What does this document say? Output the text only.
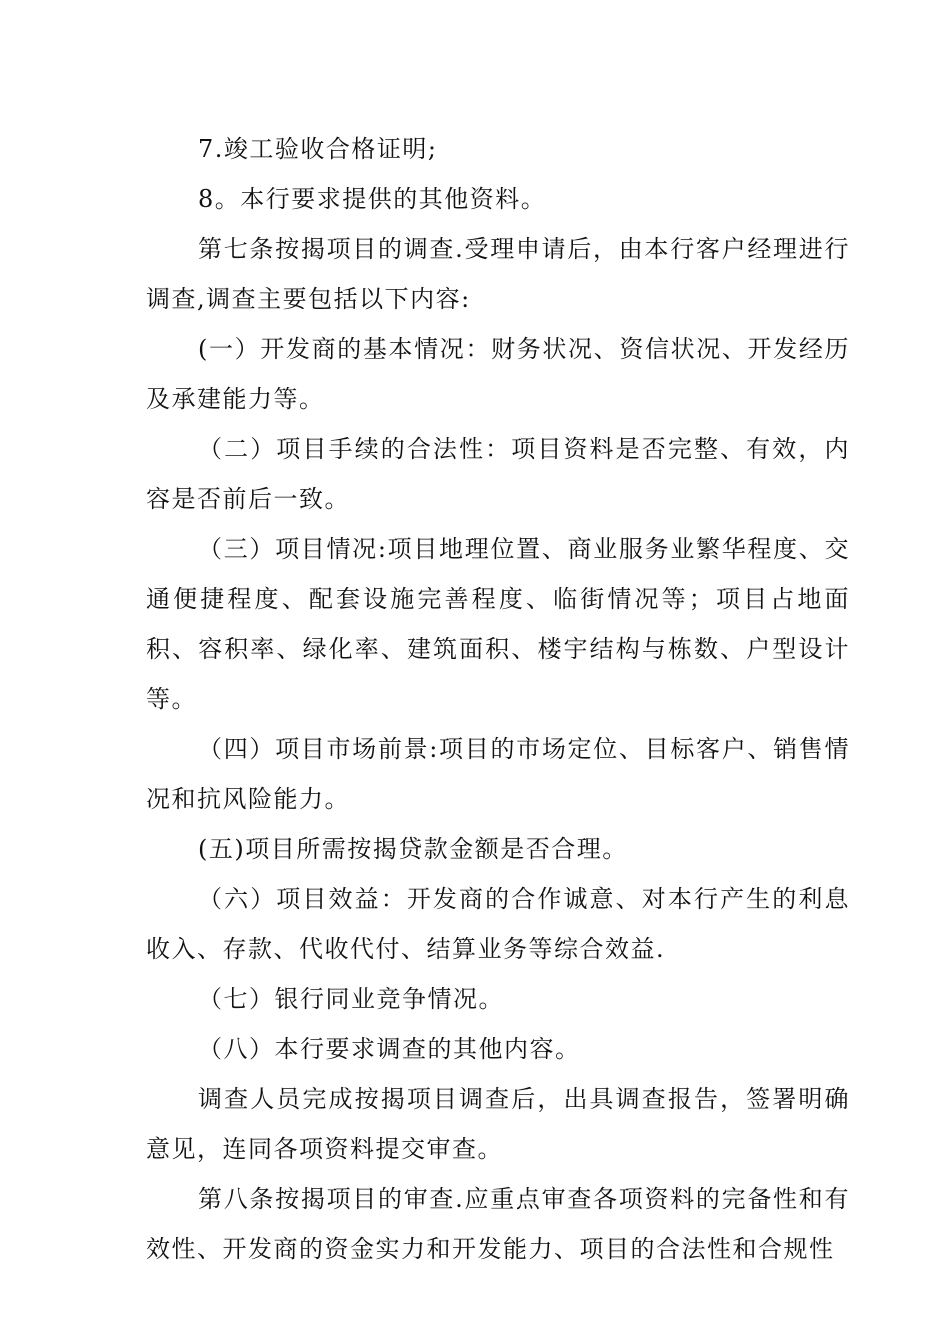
7.竣工验收合格证明;

8。本行要求提供的其他资料。

第七条按揭项目的调查.受理申请后，由本行客户经理进行调查,调查主要包括以下内容:

(一）开发商的基本情况：财务状况、资信状况、开发经历及承建能力等。

（二）项目手续的合法性：项目资料是否完整、有效，内容是否前后一致。

（三）项目情况:项目地理位置、商业服务业繁华程度、交通便捷程度、配套设施完善程度、临街情况等；项目占地面积、容积率、绿化率、建筑面积、楼宇结构与栋数、户型设计等。

（四）项目市场前景:项目的市场定位、目标客户、销售情况和抗风险能力。

(五)项目所需按揭贷款金额是否合理。

（六）项目效益：开发商的合作诚意、对本行产生的利息收入、存款、代收代付、结算业务等综合效益.

（七）银行同业竞争情况。

（八）本行要求调查的其他内容。

调查人员完成按揭项目调查后，出具调查报告，签署明确意见，连同各项资料提交审查。

第八条按揭项目的审查.应重点审查各项资料的完备性和有效性、开发商的资金实力和开发能力、项目的合法性和合规性
